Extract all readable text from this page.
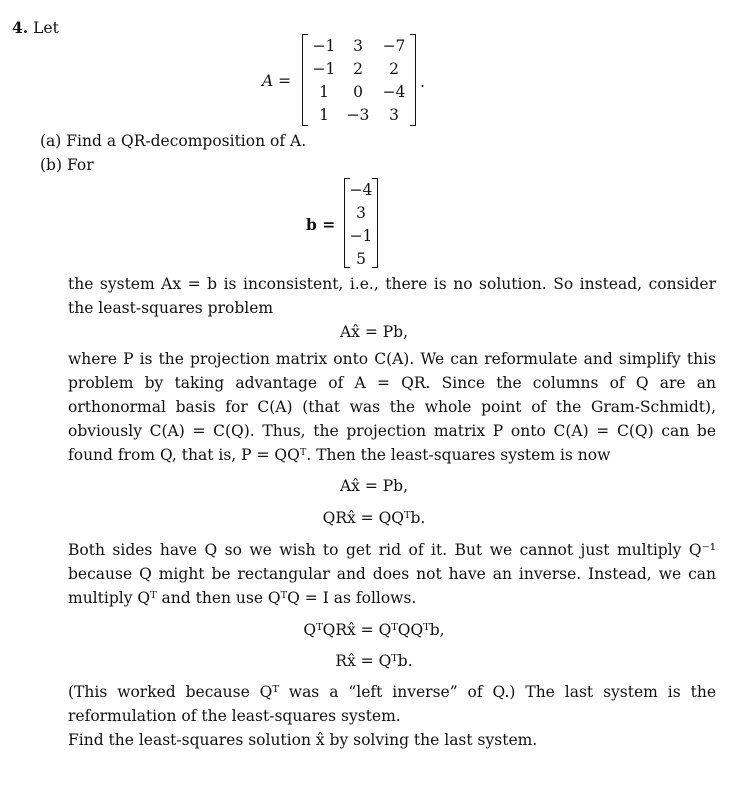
4. Let
A =
−1	3	−7
−1	2	2
1	0	−4
1	−3	3
.
(a) Find a QR-decomposition of A.
(b) For
b =
−4
3
−1
5
the system Ax = b is inconsistent, i.e., there is no solution. So instead, consider the least-squares problem
Ax̂ = Pb,
where P is the projection matrix onto C(A). We can reformulate and simplify this problem by taking advantage of A = QR. Since the columns of Q are an orthonormal basis for C(A) (that was the whole point of the Gram-Schmidt), obviously C(A) = C(Q). Thus, the projection matrix P onto C(A) = C(Q) can be found from Q, that is, P = QQᵀ. Then the least-squares system is now
Ax̂ = Pb,
QRx̂ = QQᵀb.
Both sides have Q so we wish to get rid of it. But we cannot just multiply Q⁻¹ because Q might be rectangular and does not have an inverse. Instead, we can multiply Qᵀ and then use QᵀQ = I as follows.
QᵀQRx̂ = QᵀQQᵀb,
Rx̂ = Qᵀb.
(This worked because Qᵀ was a “left inverse” of Q.) The last system is the reformulation of the least-squares system.
Find the least-squares solution x̂ by solving the last system.
